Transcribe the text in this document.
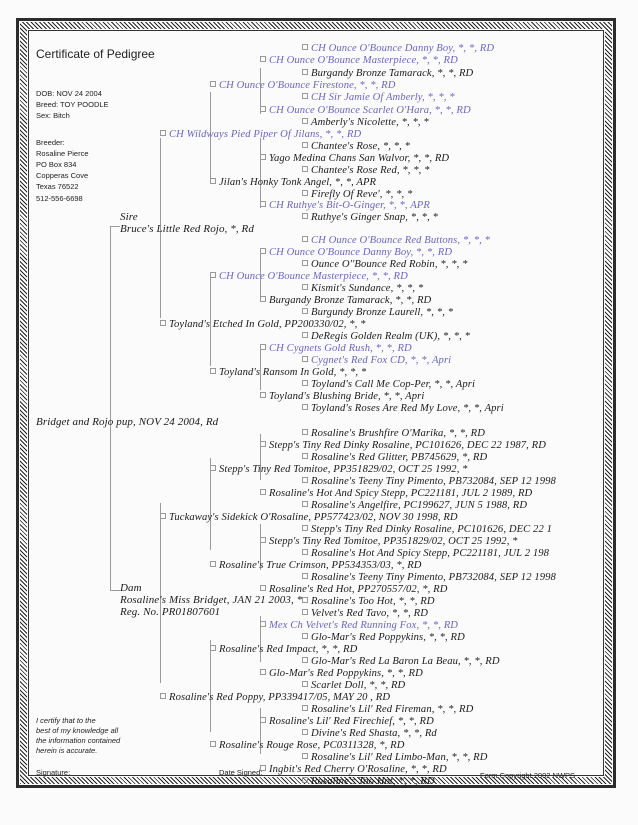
Certificate of Pedigree
DOB: NOV 24 2004
Breed: TOY POODLE
Sex: Bitch
Breeder:
Rosaline Pierce
PO Box 834
Copperas Cove
Texas 76522
512-556-6698
CH Ounce O'Bounce Danny Boy, *, *, RD
CH Ounce O'Bounce Masterpiece, *, *, RD
Burgandy Bronze Tamarack, *, *, RD
CH Ounce O'Bounce Firestone, *, *, RD
CH Sir Jamie Of Amberly, *, *, *
CH Ounce O'Bounce Scarlet O'Hara, *, *, RD
Amberly's Nicolette, *, *, *
CH Wildways Pied Piper Of Jilans, *, *, RD
Chantee's Rose, *, *, *
Yago Medina Chans San Walvor, *, *, RD
Chantee's Rose Red, *, *, *
Jilan's Honky Tonk Angel, *, *, APR
Firefly Of Reve', *, *, *
CH Ruthye's Bit-O-Ginger, *, *, APR
Ruthye's Ginger Snap, *, *, *
Sire
Bruce's Little Red Rojo, *, Rd
CH Ounce O'Bounce Red Buttons, *, *, *
CH Ounce O'Bounce Danny Boy, *, *, RD
Ounce O''Bounce Red Robin, *, *, *
CH Ounce O'Bounce Masterpiece, *, *, RD
Kismit's Sundance, *, *, *
Burgandy Bronze Tamarack, *, *, RD
Burgundy Bronze Laurell, *, *, *
Toyland's Etched In Gold, PP200330/02, *, *
DeRegis Golden Realm (UK), *, *, *
CH Cygnets Gold Rush, *, *, RD
Cygnet's Red Fox CD, *, *, Apri
Toyland's Ransom In Gold, *, *, *
Toyland's Call Me Cop-Per, *, *, Apri
Toyland's Blushing Bride, *, *, Apri
Toyland's Roses Are Red My Love, *, *, Apri
Bridget and Rojo pup, NOV 24 2004, Rd
Rosaline's Brushfire O'Marika, *, *, RD
Stepp's Tiny Red Dinky Rosaline, PC101626, DEC 22 1987, RD
Rosaline's Red Glitter, PB745629, *, RD
Stepp's Tiny Red Tomitoe, PP351829/02, OCT 25 1992, *
Rosaline's Teeny Tiny Pimento, PB732084, SEP 12 1998
Rosaline's Hot And Spicy Stepp, PC221181, JUL 2 1989, RD
Rosaline's Angelfire, PC199627, JUN 5 1988, RD
Tuckaway's Sidekick O'Rosaline, PP577423/02, NOV 30 1998, RD
Stepp's Tiny Red Dinky Rosaline, PC101626, DEC 22 1
Stepp's Tiny Red Tomitoe, PP351829/02, OCT 25 1992, *
Rosaline's Hot And Spicy Stepp, PC221181, JUL 2 198
Rosaline's True Crimson, PP534353/03, *, RD
Rosaline's Teeny Tiny Pimento, PB732084, SEP 12 1998
Rosaline's Red Hot, PP270557/02, *, RD
Rosaline's Too Hot, *, *, RD
Dam
Rosaline's Miss Bridget, JAN 21 2003, *
Reg. No. PR01807601	Velvet's Red Tavo, *, *, RD
Mex Ch Velvet's Red Running Fox, *, *, RD
Glo-Mar's Red Poppykins, *, *, RD
Rosaline's Red Impact, *, *, RD
Glo-Mar's Red La Baron La Beau, *, *, RD
Glo-Mar's Red Poppykins, *, *, RD
Scarlet Doll, *, *, RD
Rosaline's Red Poppy, PP339417/05, MAY 20 , RD
Rosaline's Lil' Red Fireman, *, *, RD
Rosaline's Lil' Red Firechief, *, *, RD
Divine's Red Shasta, *, *, Rd
Rosaline's Rouge Rose, PC0311328, *, RD
Rosaline's Lil' Red Limbo-Man, *, *, RD
Ingbit's Red Cherry O'Rosaline, *, *, RD
Rosaline's Too Hot, *, *, RD
I certify that to the
best of my knowledge all
the information contained
herein is accurate.
Signature:	Date Signed:	Form Copyright 2002 NWPS
